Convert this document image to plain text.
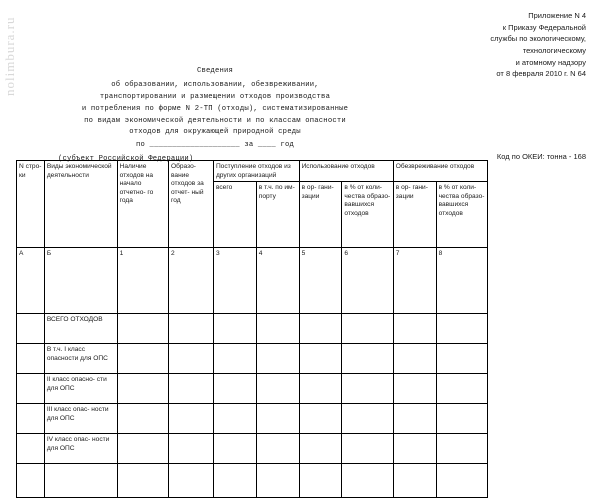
nolimbura.ru
Приложение N 4
к Приказу Федеральной
службы по экологическому,
технологическому
и атомному надзору
от 8 февраля 2010 г. N 64
Сведения
об образовании, использовании, обезвреживании,
транспортировании и размещении отходов производства
и потребления по форме N 2-ТП (отходы), систематизированные
по видам экономической деятельности и по классам опасности
отходов для окружающей природной среды
по ____________________ за ____ год
(субъект Российской Федерации)	Код по ОКЕИ: тонна - 168
N стро- ки	Виды экономической деятельности	Наличие отходов на начало отчетно- го года	Образо- вание отходов за отчет- ный год	Поступление отходов из других организаций		Использование отходов		Обезвреживание отходов	
				всего	в т.ч. по им- порту	в ор- гани- зации	в % от коли- чества образо- вавшихся отходов	в ор- гани- зации	в % от коли- чества образо- вавшихся отходов
А	Б	1	2	3	4	5	6	7	8
	ВСЕГО ОТХОДОВ								
	В т.ч. I класс опасности для ОПС								
	II класс опасно- сти для ОПС								
	III класс опас- ности для ОПС								
	IV класс опас- ности для ОПС								
